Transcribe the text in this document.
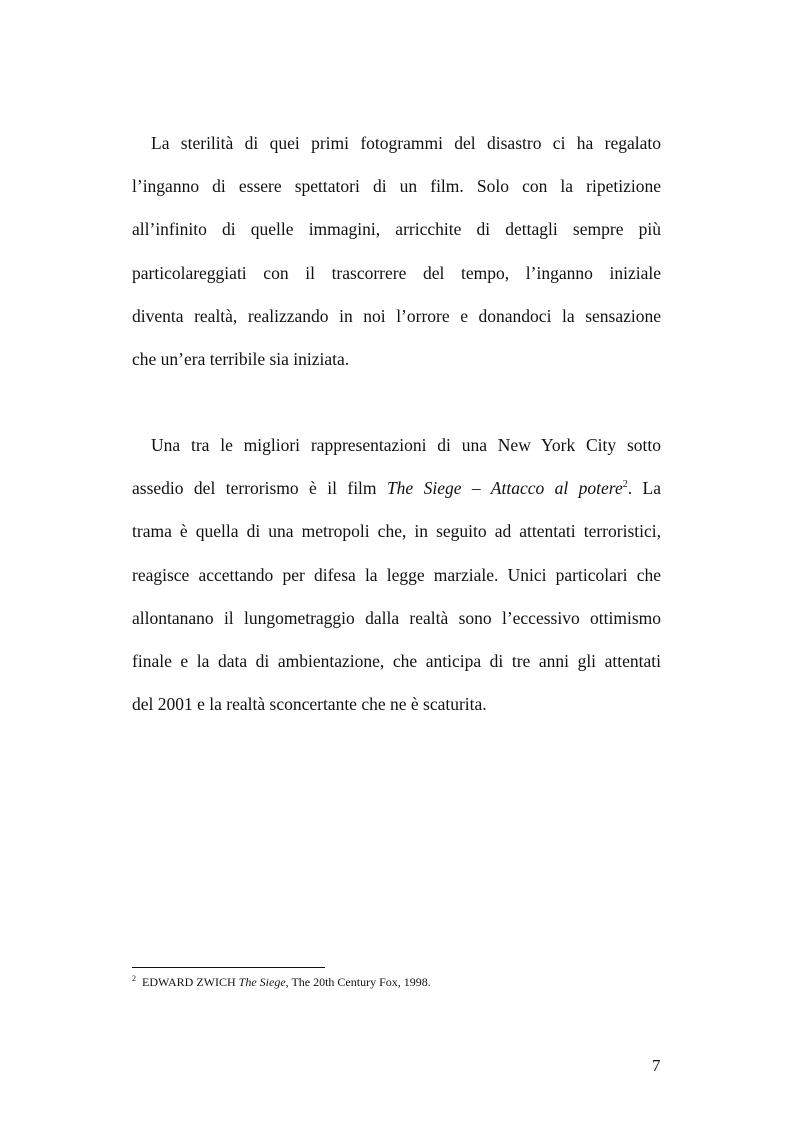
La sterilità di quei primi fotogrammi del disastro ci ha regalato
l’inganno di essere spettatori di un film. Solo con la ripetizione
all’infinito di quelle immagini, arricchite di dettagli sempre più
particolareggiati con il trascorrere del tempo, l’inganno iniziale
diventa realtà, realizzando in noi l’orrore e donandoci la sensazione
che un’era terribile sia iniziata.
Una tra le migliori rappresentazioni di una New York City sotto
assedio del terrorismo è il film The Siege – Attacco al potere$^2$. La
trama è quella di una metropoli che, in seguito ad attentati terroristici,
reagisce accettando per difesa la legge marziale. Unici particolari che
allontanano il lungometraggio dalla realtà sono l’eccessivo ottimismo
finale e la data di ambientazione, che anticipa di tre anni gli attentati
del 2001 e la realtà sconcertante che ne è scaturita.
$^2$ EDWARD ZWICH The Siege, The 20th Century Fox, 1998.
7
